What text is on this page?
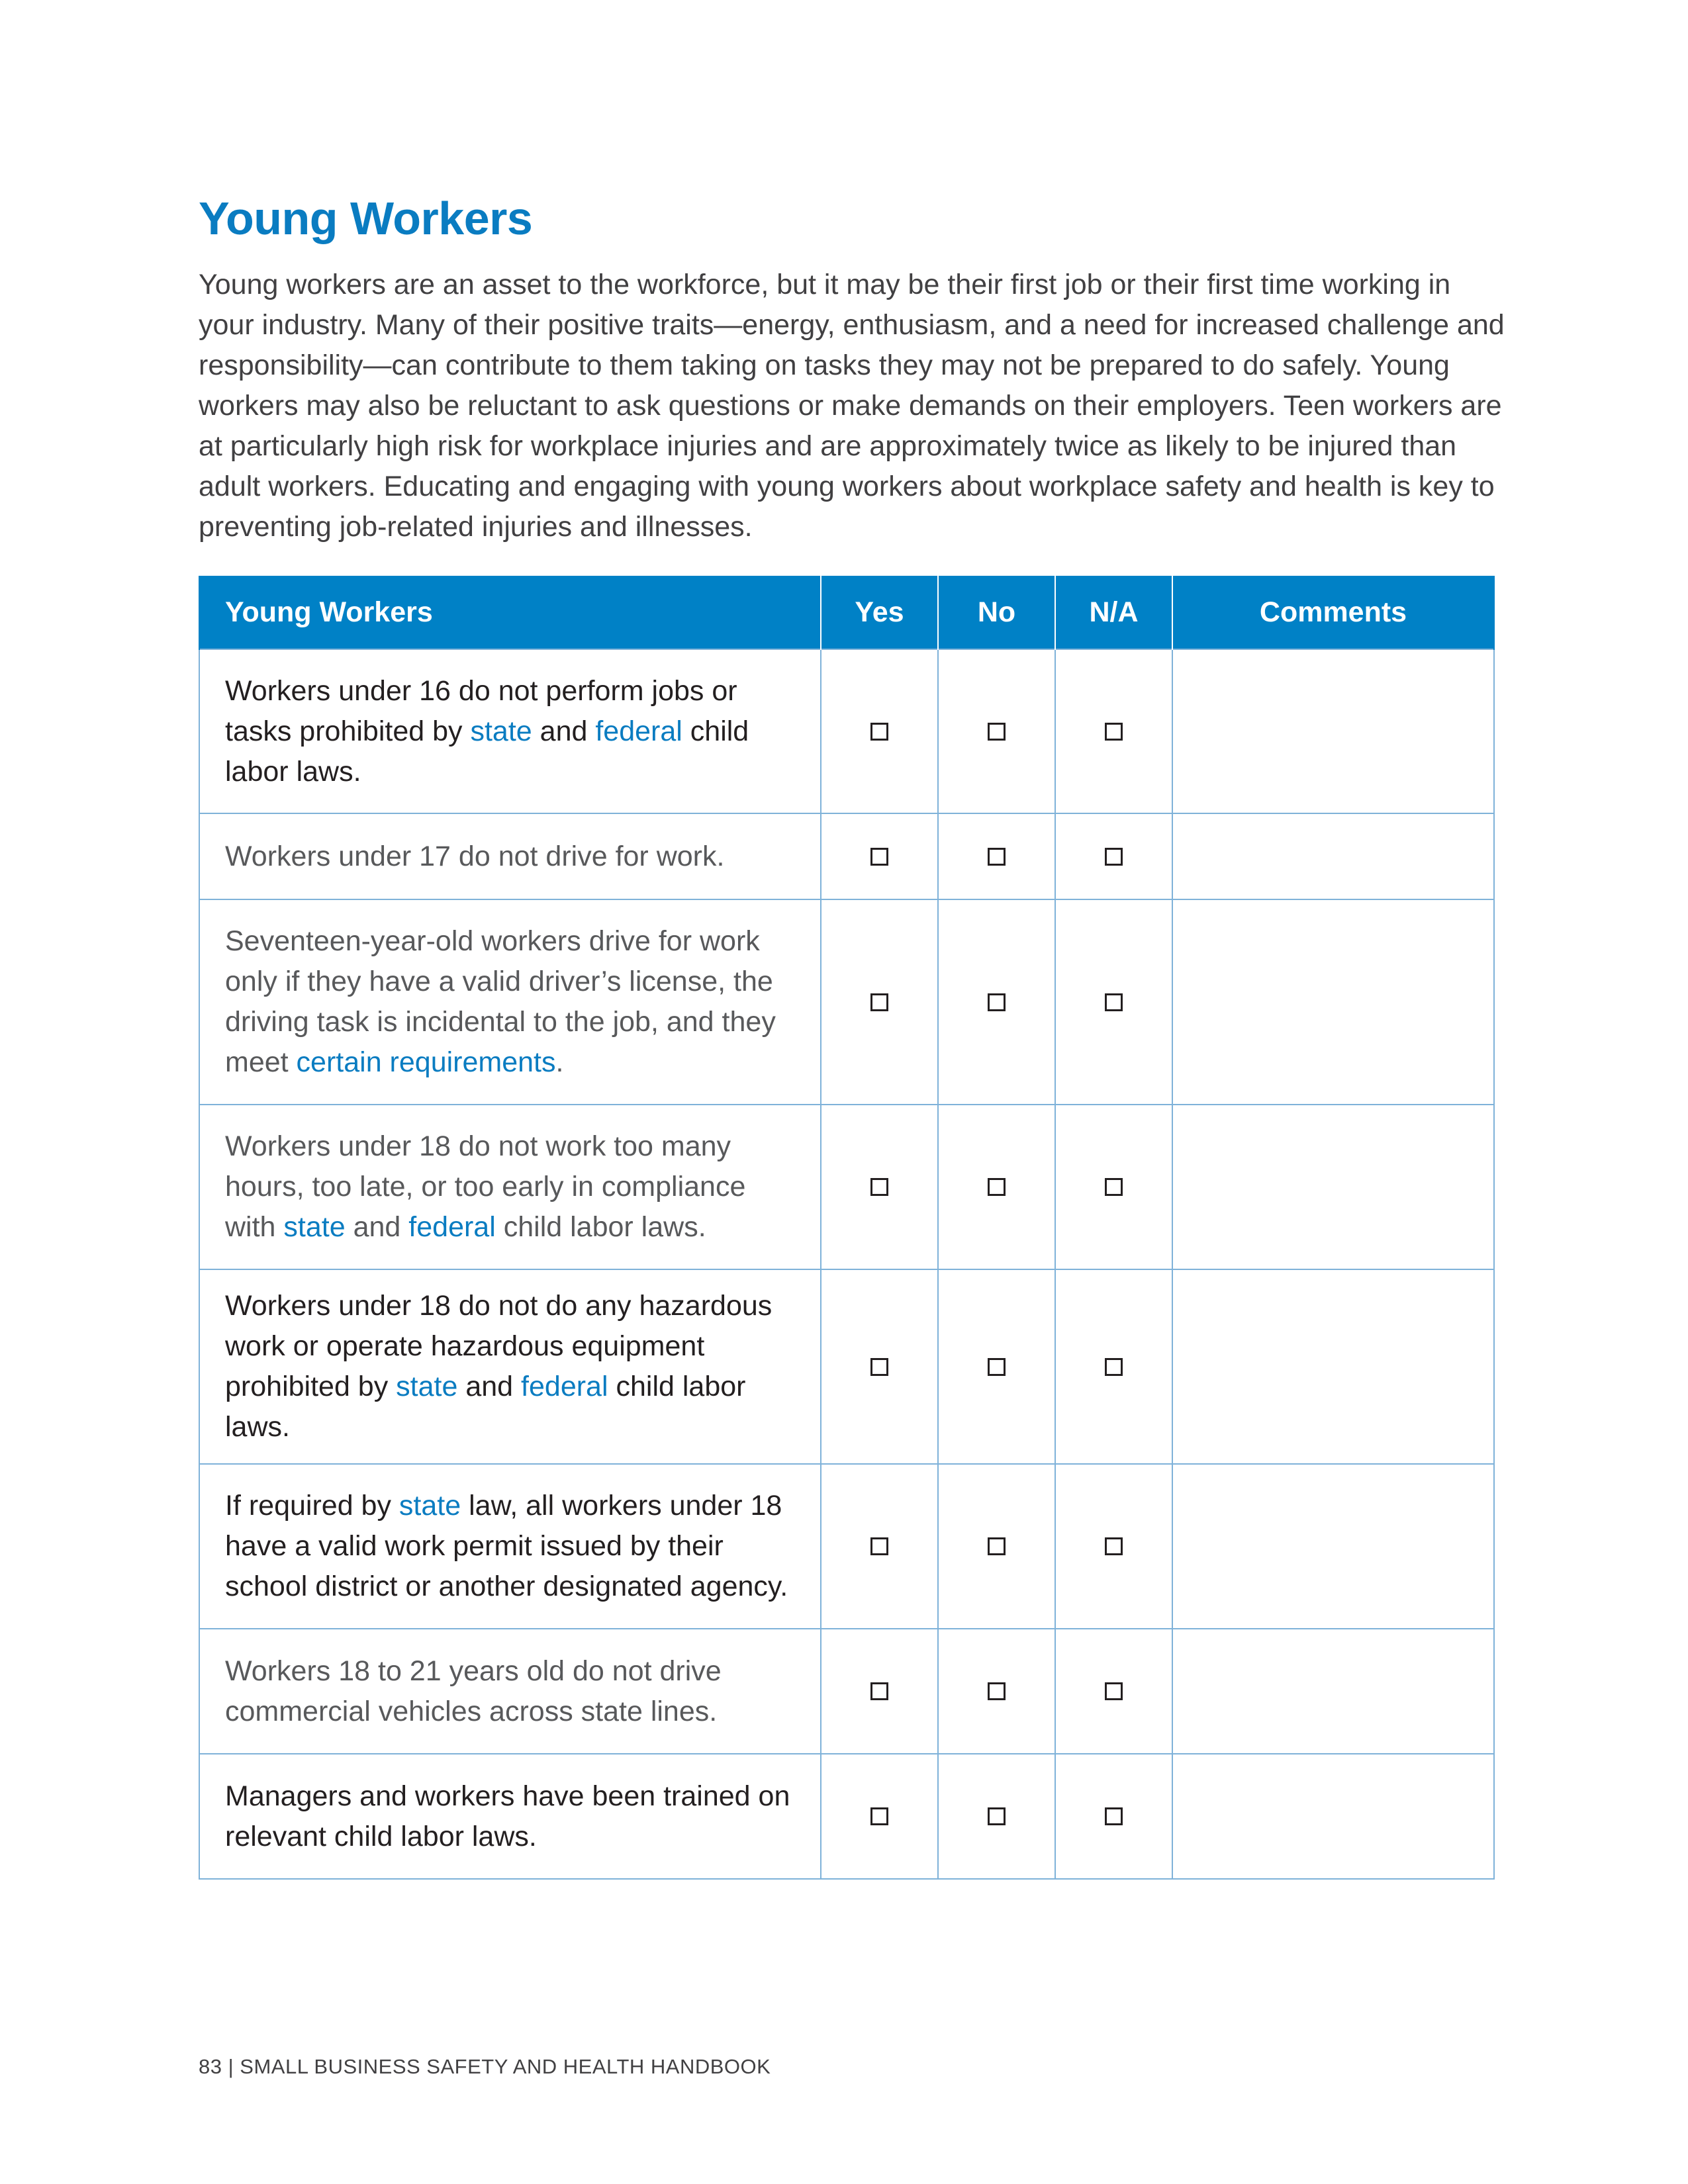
Young Workers

Young workers are an asset to the workforce, but it may be their first job or their first time working in your industry. Many of their positive traits—energy, enthusiasm, and a need for increased challenge and responsibility—can contribute to them taking on tasks they may not be prepared to do safely. Young workers may also be reluctant to ask questions or make demands on their employers. Teen workers are at particularly high risk for workplace injuries and are approximately twice as likely to be injured than adult workers. Educating and engaging with young workers about workplace safety and health is key to preventing job-related injuries and illnesses.

Young Workers	Yes	No	N/A	Comments
Workers under 16 do not perform jobs or tasks prohibited by state and federal child labor laws.				
Workers under 17 do not drive for work.				
Seventeen-year-old workers drive for work only if they have a valid driver’s license, the driving task is incidental to the job, and they meet certain requirements.				
Workers under 18 do not work too many hours, too late, or too early in compliance with state and federal child labor laws.				
Workers under 18 do not do any hazardous work or operate hazardous equipment prohibited by state and federal child labor laws.				
If required by state law, all workers under 18 have a valid work permit issued by their school district or another designated agency.				
Workers 18 to 21 years old do not drive commercial vehicles across state lines.				
Managers and workers have been trained on relevant child labor laws.				
83 | SMALL BUSINESS SAFETY AND HEALTH HANDBOOK
